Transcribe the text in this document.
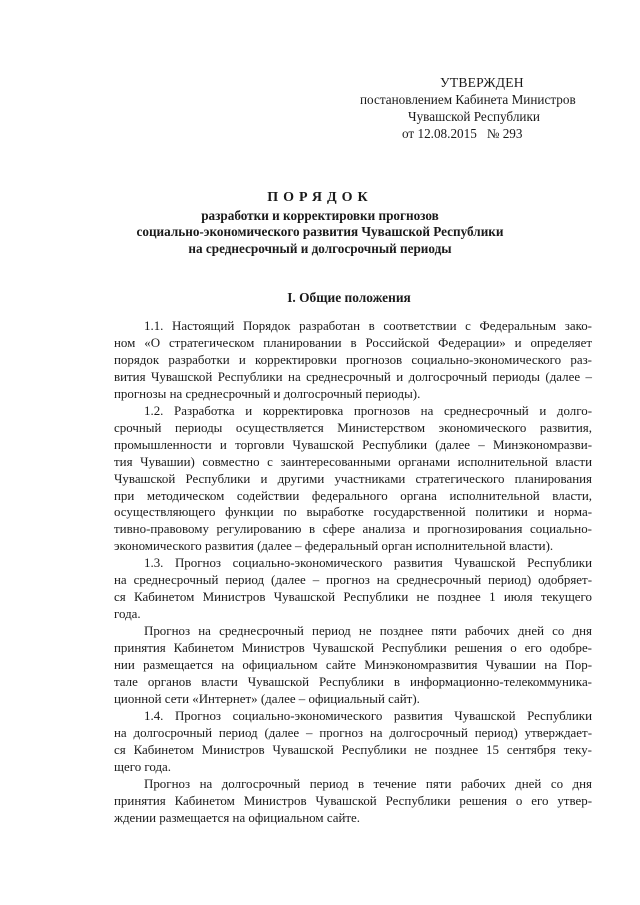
УТВЕРЖДЕН
постановлением Кабинета Министров
Чувашской Республики
от 12.08.2015 № 293
ПОРЯДОК
разработки и корректировки прогнозов
социально-экономического развития Чувашской Республики
на среднесрочный и долгосрочный периоды
I. Общие положения
1.1. Настоящий Порядок разработан в соответствии с Федеральным зако-
ном «О стратегическом планировании в Российской Федерации» и определяет
порядок разработки и корректировки прогнозов социально-экономического раз-
вития Чувашской Республики на среднесрочный и долгосрочный периоды (далее –
прогнозы на среднесрочный и долгосрочный периоды).
1.2. Разработка и корректировка прогнозов на среднесрочный и долго-
срочный периоды осуществляется Министерством экономического развития,
промышленности и торговли Чувашской Республики (далее – Минэкономразви-
тия Чувашии) совместно с заинтересованными органами исполнительной власти
Чувашской Республики и другими участниками стратегического планирования
при методическом содействии федерального органа исполнительной власти,
осуществляющего функции по выработке государственной политики и норма-
тивно-правовому регулированию в сфере анализа и прогнозирования социально-
экономического развития (далее – федеральный орган исполнительной власти).
1.3. Прогноз социально-экономического развития Чувашской Республики
на среднесрочный период (далее – прогноз на среднесрочный период) одобряет-
ся Кабинетом Министров Чувашской Республики не позднее 1 июля текущего
года.
Прогноз на среднесрочный период не позднее пяти рабочих дней со дня
принятия Кабинетом Министров Чувашской Республики решения о его одобре-
нии размещается на официальном сайте Минэкономразвития Чувашии на Пор-
тале органов власти Чувашской Республики в информационно-телекоммуника-
ционной сети «Интернет» (далее – официальный сайт).
1.4. Прогноз социально-экономического развития Чувашской Республики
на долгосрочный период (далее – прогноз на долгосрочный период) утверждает-
ся Кабинетом Министров Чувашской Республики не позднее 15 сентября теку-
щего года.
Прогноз на долгосрочный период в течение пяти рабочих дней со дня
принятия Кабинетом Министров Чувашской Республики решения о его утвер-
ждении размещается на официальном сайте.
